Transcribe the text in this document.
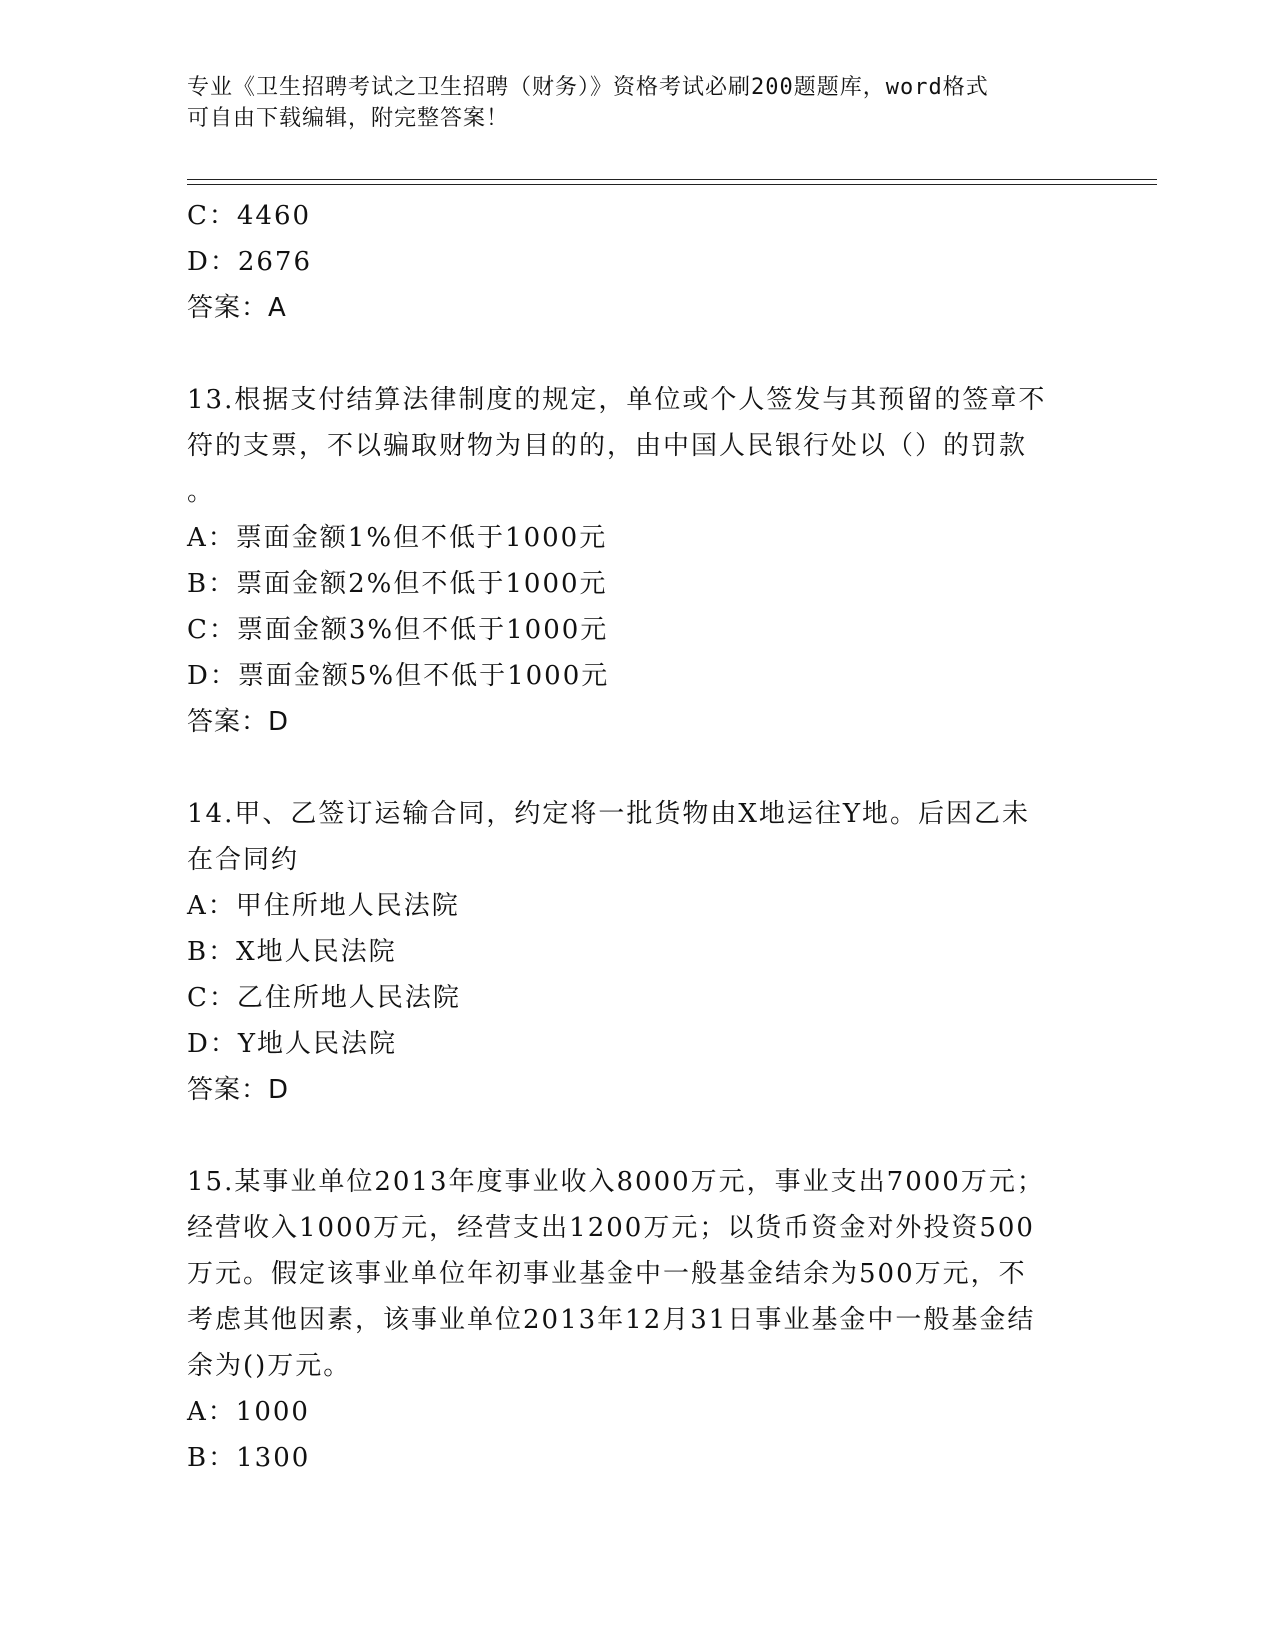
专业《卫生招聘考试之卫生招聘（财务）》资格考试必刷200题题库，word格式
可自由下载编辑，附完整答案！
C：4460
D：2676
答案：A
13.根据支付结算法律制度的规定，单位或个人签发与其预留的签章不
符的支票，不以骗取财物为目的的，由中国人民银行处以（）的罚款
。
A：票面金额1%但不低于1000元
B：票面金额2%但不低于1000元
C：票面金额3%但不低于1000元
D：票面金额5%但不低于1000元
答案：D
14.甲、乙签订运输合同，约定将一批货物由X地运往Y地。后因乙未
在合同约
A：甲住所地人民法院
B：X地人民法院
C：乙住所地人民法院
D：Y地人民法院
答案：D
15.某事业单位2013年度事业收入8000万元，事业支出7000万元；
经营收入1000万元，经营支出1200万元；以货币资金对外投资500
万元。假定该事业单位年初事业基金中一般基金结余为500万元，不
考虑其他因素，该事业单位2013年12月31日事业基金中一般基金结
余为()万元。
A：1000
B：1300
